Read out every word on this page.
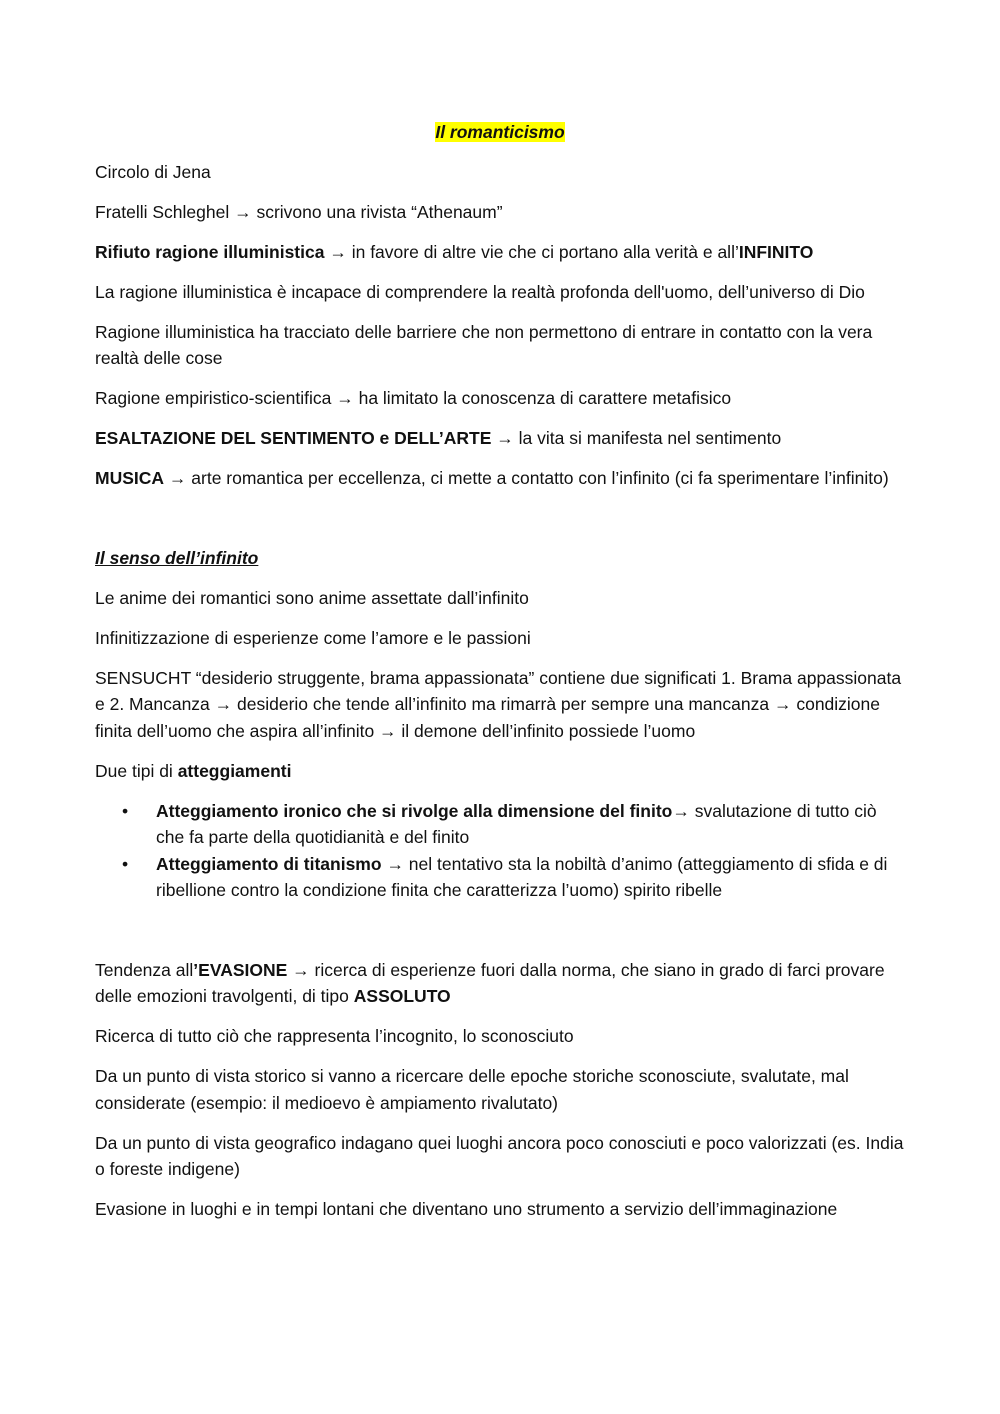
Il romanticismo

Circolo di Jena

Fratelli Schleghel → scrivono una rivista “Athenaum”

Rifiuto ragione illuministica → in favore di altre vie che ci portano alla verità e all’INFINITO

La ragione illuministica è incapace di comprendere la realtà profonda dell'uomo, dell’universo di Dio

Ragione illuministica ha tracciato delle barriere che non permettono di entrare in contatto con la vera realtà delle cose

Ragione empiristico-scientifica → ha limitato la conoscenza di carattere metafisico

ESALTAZIONE DEL SENTIMENTO e DELL’ARTE → la vita si manifesta nel sentimento

MUSICA → arte romantica per eccellenza, ci mette a contatto con l’infinito (ci fa sperimentare l’infinito)

Il senso dell’infinito

Le anime dei romantici sono anime assettate dall’infinito

Infinitizzazione di esperienze come l’amore e le passioni

SENSUCHT “desiderio struggente, brama appassionata” contiene due significati 1. Brama appassionata e 2. Mancanza → desiderio che tende all’infinito ma rimarrà per sempre una mancanza → condizione finita dell’uomo che aspira all’infinito → il demone dell’infinito possiede l’uomo

Due tipi di atteggiamenti

• Atteggiamento ironico che si rivolge alla dimensione del finito→ svalutazione di tutto ciò che fa parte della quotidianità e del finito
• Atteggiamento di titanismo → nel tentativo sta la nobiltà d’animo (atteggiamento di sfida e di ribellione contro la condizione finita che caratterizza l’uomo) spirito ribelle

Tendenza all’EVASIONE → ricerca di esperienze fuori dalla norma, che siano in grado di farci provare delle emozioni travolgenti, di tipo ASSOLUTO

Ricerca di tutto ciò che rappresenta l’incognito, lo sconosciuto

Da un punto di vista storico si vanno a ricercare delle epoche storiche sconosciute, svalutate, mal considerate (esempio: il medioevo è ampiamento rivalutato)

Da un punto di vista geografico indagano quei luoghi ancora poco conosciuti e poco valorizzati (es. India o foreste indigene)

Evasione in luoghi e in tempi lontani che diventano uno strumento a servizio dell’immaginazione
